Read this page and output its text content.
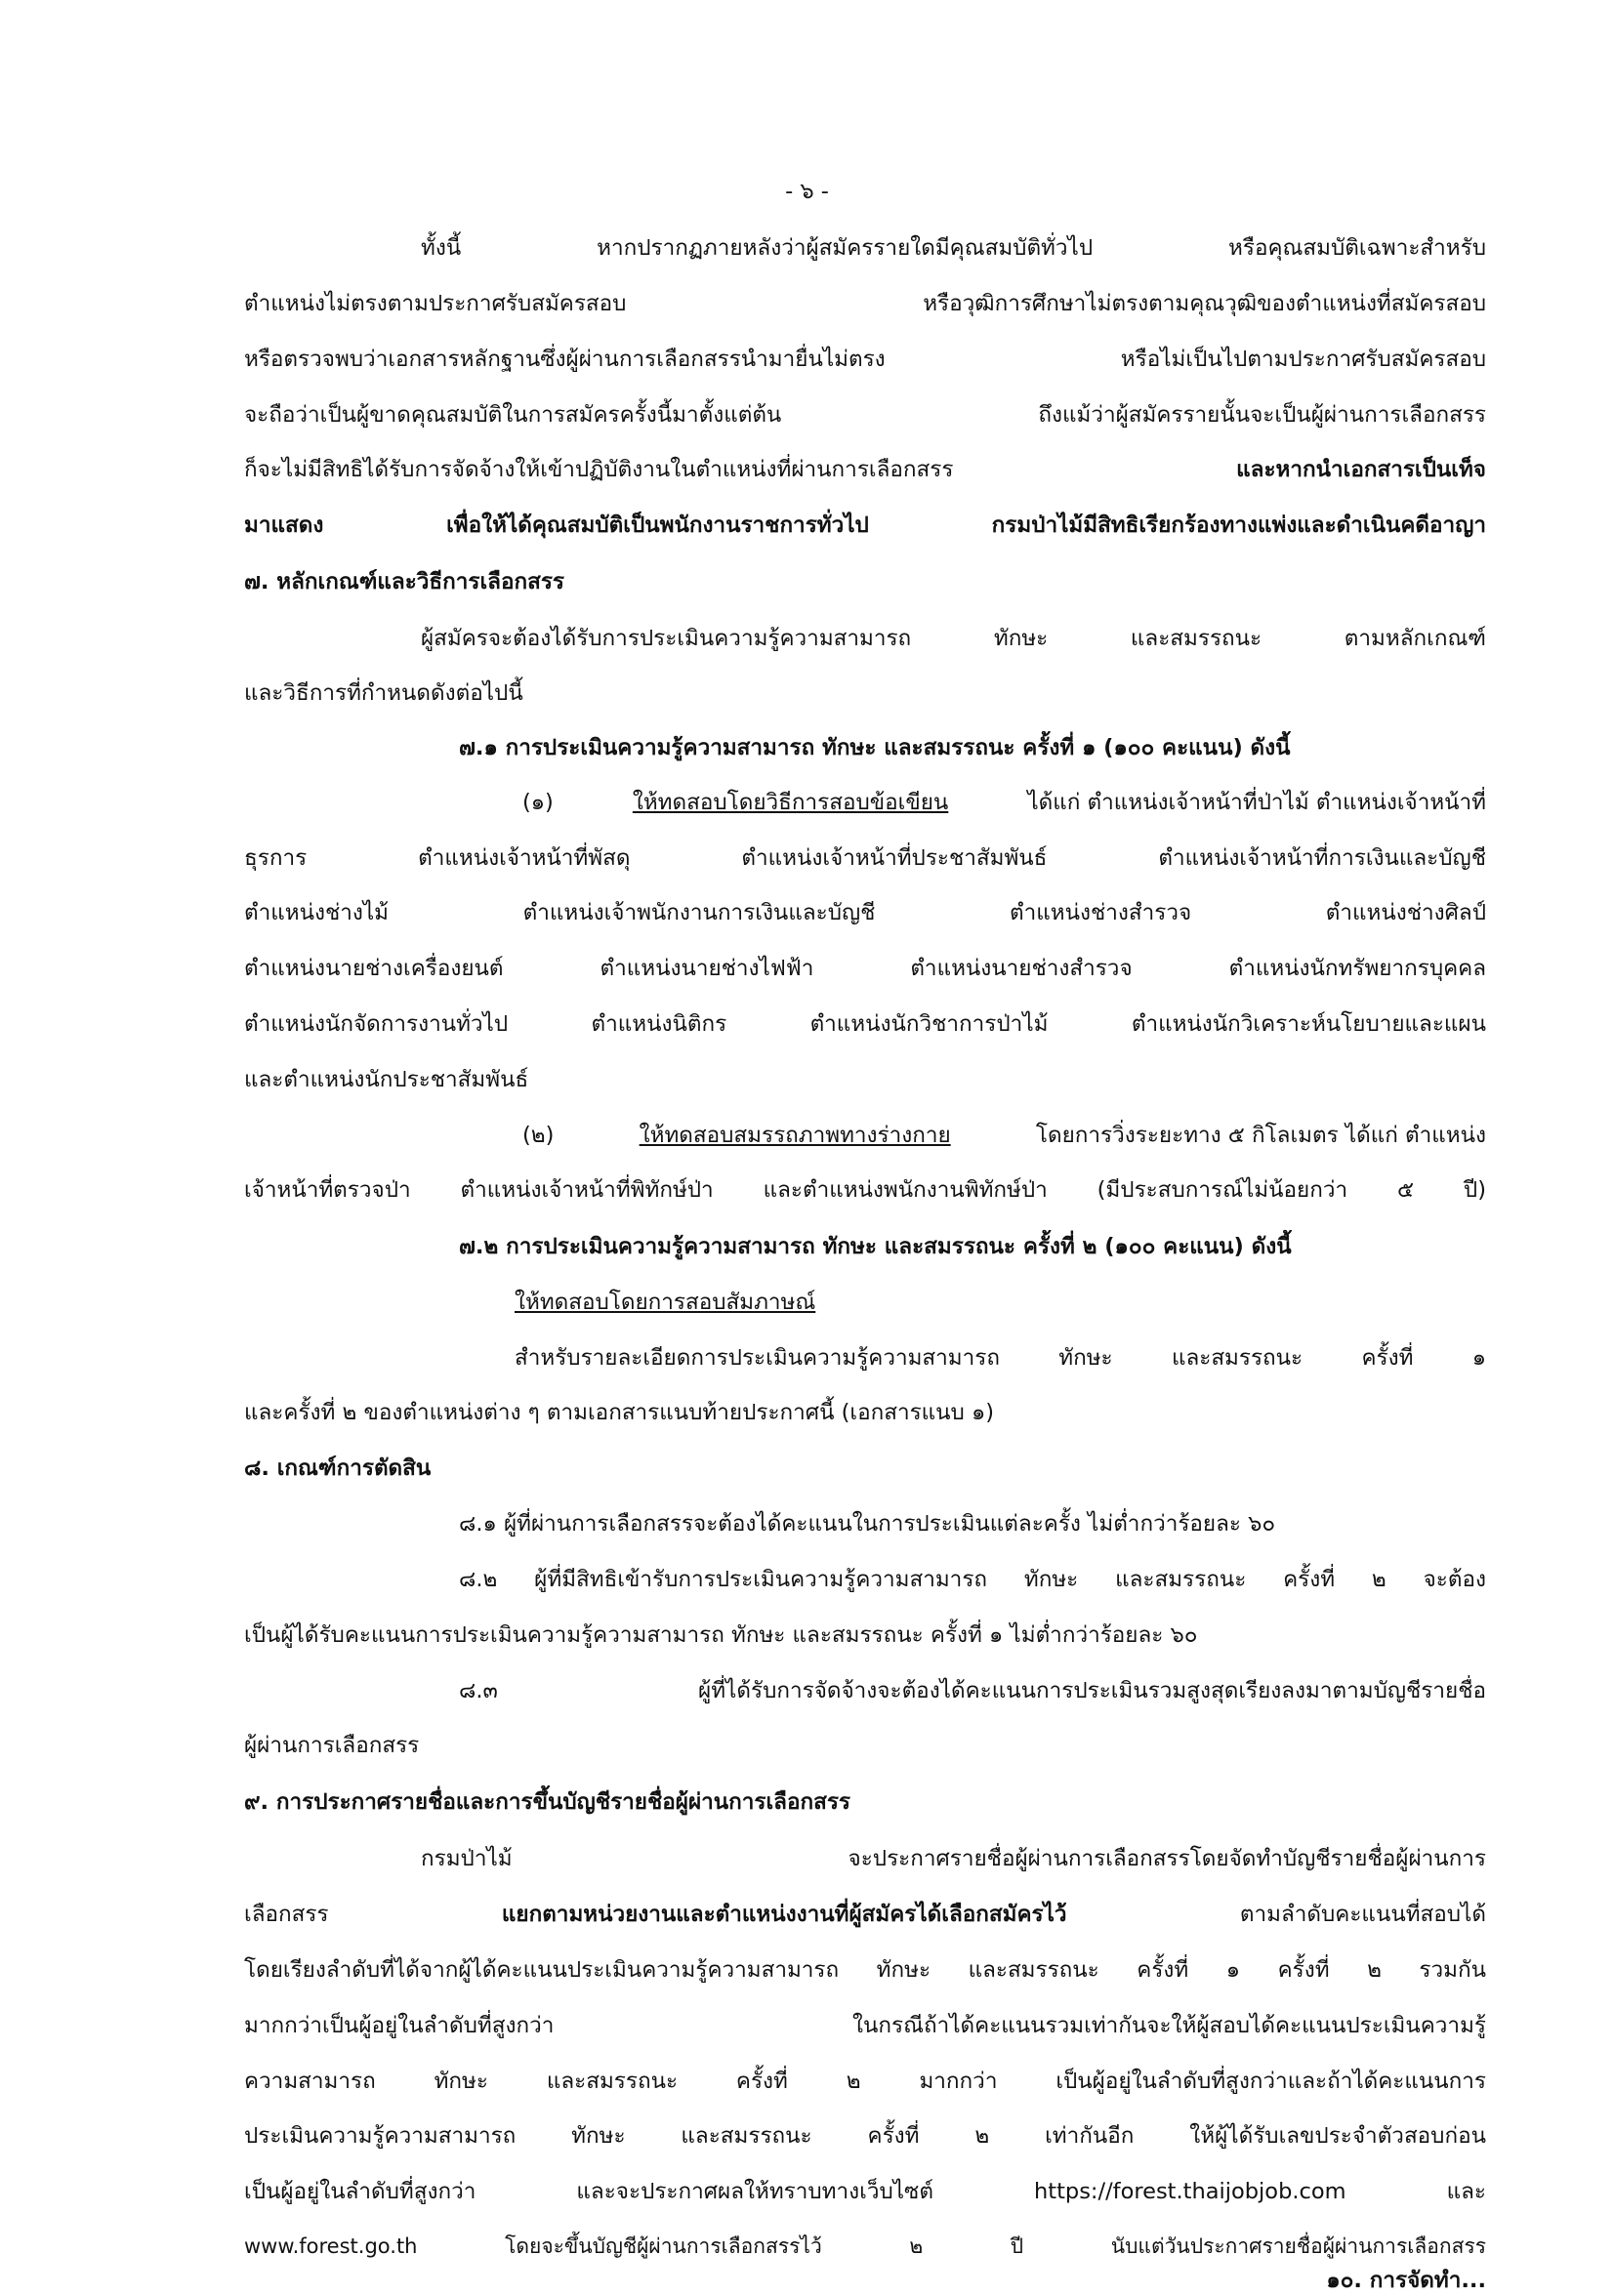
- ๖ -
ทั้งนี้ หากปรากฏภายหลังว่าผู้สมัครรายใดมีคุณสมบัติทั่วไป หรือคุณสมบัติเฉพาะสำหรับ
ตำแหน่งไม่ตรงตามประกาศรับสมัครสอบ หรือวุฒิการศึกษาไม่ตรงตามคุณวุฒิของตำแหน่งที่สมัครสอบ
หรือตรวจพบว่าเอกสารหลักฐานซึ่งผู้ผ่านการเลือกสรรนำมายื่นไม่ตรง หรือไม่เป็นไปตามประกาศรับสมัครสอบ
จะถือว่าเป็นผู้ขาดคุณสมบัติในการสมัครครั้งนี้มาตั้งแต่ต้น ถึงแม้ว่าผู้สมัครรายนั้นจะเป็นผู้ผ่านการเลือกสรร
ก็จะไม่มีสิทธิได้รับการจัดจ้างให้เข้าปฏิบัติงานในตำแหน่งที่ผ่านการเลือกสรร	และหากนำเอกสารเป็นเท็จ
มาแสดง เพื่อให้ได้คุณสมบัติเป็นพนักงานราชการทั่วไป กรมป่าไม้มีสิทธิเรียกร้องทางแพ่งและดำเนินคดีอาญา
๗. หลักเกณฑ์และวิธีการเลือกสรร
ผู้สมัครจะต้องได้รับการประเมินความรู้ความสามารถ ทักษะ และสมรรถนะ ตามหลักเกณฑ์
และวิธีการที่กำหนดดังต่อไปนี้
๗.๑ การประเมินความรู้ความสามารถ ทักษะ และสมรรถนะ ครั้งที่ ๑ (๑๐๐ คะแนน) ดังนี้
(๑)	ให้ทดสอบโดยวิธีการสอบข้อเขียน	ได้แก่ ตำแหน่งเจ้าหน้าที่ป่าไม้ ตำแหน่งเจ้าหน้าที่
ธุรการ ตำแหน่งเจ้าหน้าที่พัสดุ ตำแหน่งเจ้าหน้าที่ประชาสัมพันธ์ ตำแหน่งเจ้าหน้าที่การเงินและบัญชี
ตำแหน่งช่างไม้ ตำแหน่งเจ้าพนักงานการเงินและบัญชี ตำแหน่งช่างสำรวจ ตำแหน่งช่างศิลป์
ตำแหน่งนายช่างเครื่องยนต์ ตำแหน่งนายช่างไฟฟ้า ตำแหน่งนายช่างสำรวจ ตำแหน่งนักทรัพยากรบุคคล
ตำแหน่งนักจัดการงานทั่วไป ตำแหน่งนิติกร ตำแหน่งนักวิชาการป่าไม้ ตำแหน่งนักวิเคราะห์นโยบายและแผน
และตำแหน่งนักประชาสัมพันธ์
(๒)	ให้ทดสอบสมรรถภาพทางร่างกาย	โดยการวิ่งระยะทาง ๕ กิโลเมตร ได้แก่ ตำแหน่ง
เจ้าหน้าที่ตรวจป่า ตำแหน่งเจ้าหน้าที่พิทักษ์ป่า และตำแหน่งพนักงานพิทักษ์ป่า (มีประสบการณ์ไม่น้อยกว่า ๕ ปี)
๗.๒ การประเมินความรู้ความสามารถ ทักษะ และสมรรถนะ ครั้งที่ ๒ (๑๐๐ คะแนน) ดังนี้
ให้ทดสอบโดยการสอบสัมภาษณ์
สำหรับรายละเอียดการประเมินความรู้ความสามารถ ทักษะ และสมรรถนะ ครั้งที่ ๑
และครั้งที่ ๒ ของตำแหน่งต่าง ๆ ตามเอกสารแนบท้ายประกาศนี้ (เอกสารแนบ ๑)
๘. เกณฑ์การตัดสิน
๘.๑ ผู้ที่ผ่านการเลือกสรรจะต้องได้คะแนนในการประเมินแต่ละครั้ง ไม่ต่ำกว่าร้อยละ ๖๐
๘.๒ ผู้ที่มีสิทธิเข้ารับการประเมินความรู้ความสามารถ ทักษะ และสมรรถนะ ครั้งที่ ๒ จะต้อง
เป็นผู้ได้รับคะแนนการประเมินความรู้ความสามารถ ทักษะ และสมรรถนะ ครั้งที่ ๑ ไม่ต่ำกว่าร้อยละ ๖๐
๘.๓ ผู้ที่ได้รับการจัดจ้างจะต้องได้คะแนนการประเมินรวมสูงสุดเรียงลงมาตามบัญชีรายชื่อ
ผู้ผ่านการเลือกสรร
๙. การประกาศรายชื่อและการขึ้นบัญชีรายชื่อผู้ผ่านการเลือกสรร
กรมป่าไม้ จะประกาศรายชื่อผู้ผ่านการเลือกสรรโดยจัดทำบัญชีรายชื่อผู้ผ่านการ
เลือกสรร	แยกตามหน่วยงานและตำแหน่งงานที่ผู้สมัครได้เลือกสมัครไว้	ตามลำดับคะแนนที่สอบได้
โดยเรียงลำดับที่ได้จากผู้ได้คะแนนประเมินความรู้ความสามารถ ทักษะ และสมรรถนะ ครั้งที่ ๑ ครั้งที่ ๒ รวมกัน
มากกว่าเป็นผู้อยู่ในลำดับที่สูงกว่า ในกรณีถ้าได้คะแนนรวมเท่ากันจะให้ผู้สอบได้คะแนนประเมินความรู้
ความสามารถ ทักษะ และสมรรถนะ ครั้งที่ ๒ มากกว่า เป็นผู้อยู่ในลำดับที่สูงกว่าและถ้าได้คะแนนการ
ประเมินความรู้ความสามารถ ทักษะ และสมรรถนะ ครั้งที่ ๒ เท่ากันอีก ให้ผู้ได้รับเลขประจำตัวสอบก่อน
เป็นผู้อยู่ในลำดับที่สูงกว่า และจะประกาศผลให้ทราบทางเว็บไซต์ https://forest.thaijobjob.com และ
www.forest.go.th โดยจะขึ้นบัญชีผู้ผ่านการเลือกสรรไว้ ๒ ปี นับแต่วันประกาศรายชื่อผู้ผ่านการเลือกสรร
๑๐. การจัดทำ...
